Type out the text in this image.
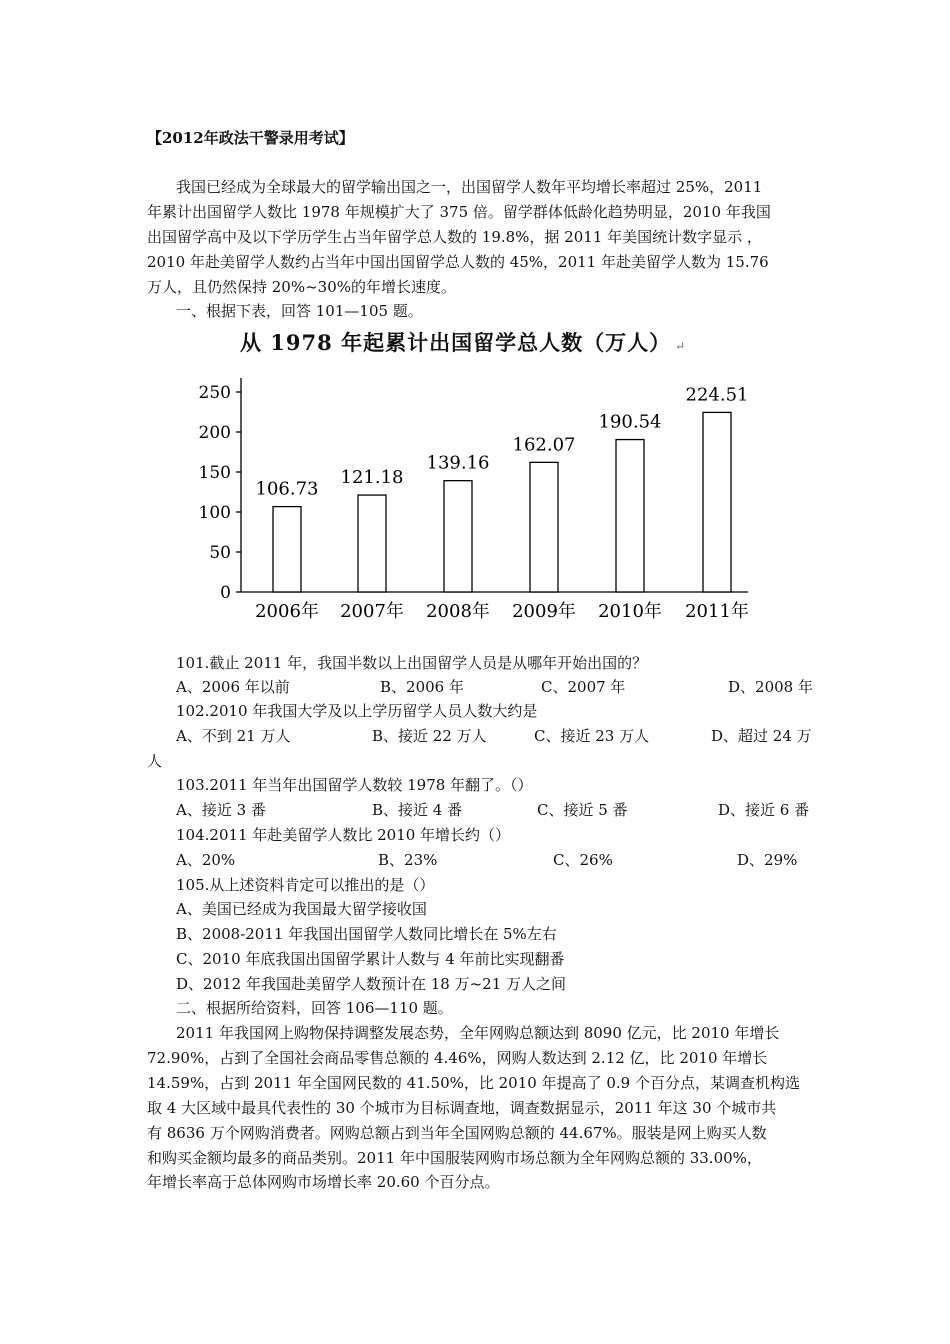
【2012年政法干警录用考试】
我国已经成为全球最大的留学输出国之一，出国留学人数年平均增长率超过 25%，2011
年累计出国留学人数比 1978 年规模扩大了 375 倍。留学群体低龄化趋势明显，2010 年我国
出国留学高中及以下学历学生占当年留学总人数的 19.8%，据 2011 年美国统计数字显示 ，
2010 年赴美留学人数约占当年中国出国留学总人数的 45%，2011 年赴美留学人数为 15.76
万人，且仍然保持 20%~30%的年增长速度。
一、根据下表，回答 101—105 题。
从 1978 年起累计出国留学总人数（万人） ↵
0
50
100
150
200
250
106.73
2006年
121.18
2007年
139.16
2008年
162.07
2009年
190.54
2010年
224.51
2011年
101.截止 2011 年，我国半数以上出国留学人员是从哪年开始出国的？
A、2006 年以前	B、2006 年	C、2007 年	D、2008 年
102.2010 年我国大学及以上学历留学人员人数大约是
A、不到 21 万人	B、接近 22 万人	C、接近 23 万人	D、超过 24 万
人
103.2011 年当年出国留学人数较 1978 年翻了。（）
A、接近 3 番	B、接近 4 番	C、接近 5 番	D、接近 6 番
104.2011 年赴美留学人数比 2010 年增长约（）
A、20%	B、23%	C、26%	D、29%
105.从上述资料肯定可以推出的是（）
A、美国已经成为我国最大留学接收国
B、2008-2011 年我国出国留学人数同比增长在 5%左右
C、2010 年底我国出国留学累计人数与 4 年前比实现翻番
D、2012 年我国赴美留学人数预计在 18 万~21 万人之间
二、根据所给资料，回答 106—110 题。
2011 年我国网上购物保持调整发展态势，全年网购总额达到 8090 亿元，比 2010 年增长
72.90%，占到了全国社会商品零售总额的 4.46%，网购人数达到 2.12 亿，比 2010 年增长
14.59%，占到 2011 年全国网民数的 41.50%，比 2010 年提高了 0.9 个百分点，某调查机构选
取 4 大区域中最具代表性的 30 个城市为目标调查地，调查数据显示，2011 年这 30 个城市共
有 8636 万个网购消费者。网购总额占到当年全国网购总额的 44.67%。服装是网上购买人数
和购买金额均最多的商品类别。2011 年中国服装网购市场总额为全年网购总额的 33.00%，
年增长率高于总体网购市场增长率 20.60 个百分点。
